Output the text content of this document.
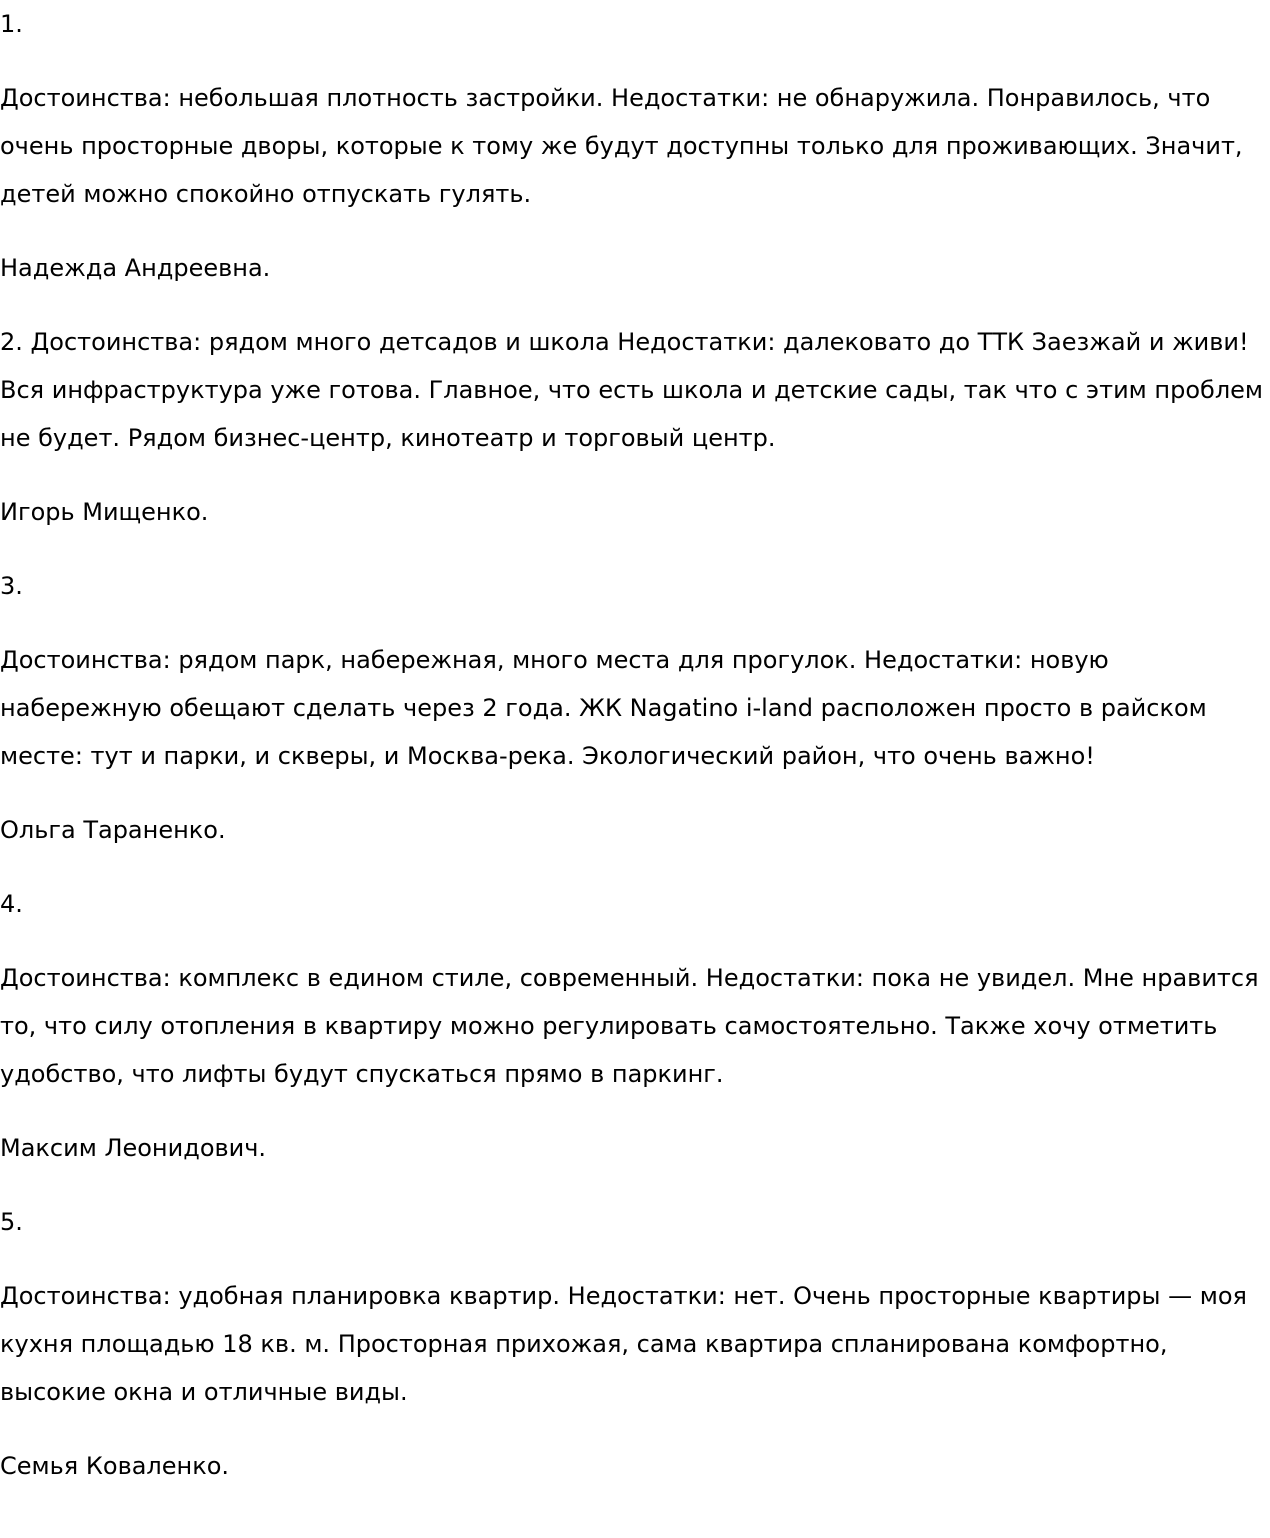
1.

Достоинства: небольшая плотность застройки. Недостатки: не обнаружила. Понравилось, что очень просторные дворы, которые к тому же будут доступны только для проживающих. Значит, детей можно спокойно отпускать гулять.

Надежда Андреевна.

2. Достоинства: рядом много детсадов и школа Недостатки: далековато до ТТК Заезжай и живи! Вся инфраструктура уже готова. Главное, что есть школа и детские сады, так что с этим проблем не будет. Рядом бизнес-центр, кинотеатр и торговый центр.

Игорь Мищенко.

3.

Достоинства: рядом парк, набережная, много места для прогулок. Недостатки: новую набережную обещают сделать через 2 года. ЖК Nagatino i-land расположен просто в райском месте: тут и парки, и скверы, и Москва-река. Экологический район, что очень важно!

Ольга Тараненко.

4.

Достоинства: комплекс в едином стиле, современный. Недостатки: пока не увидел. Мне нравится то, что силу отопления в квартиру можно регулировать самостоятельно. Также хочу отметить удобство, что лифты будут спускаться прямо в паркинг.

Максим Леонидович.

5.

Достоинства: удобная планировка квартир. Недостатки: нет. Очень просторные квартиры — моя кухня площадью 18 кв. м. Просторная прихожая, сама квартира спланирована комфортно, высокие окна и отличные виды.

Семья Коваленко.
